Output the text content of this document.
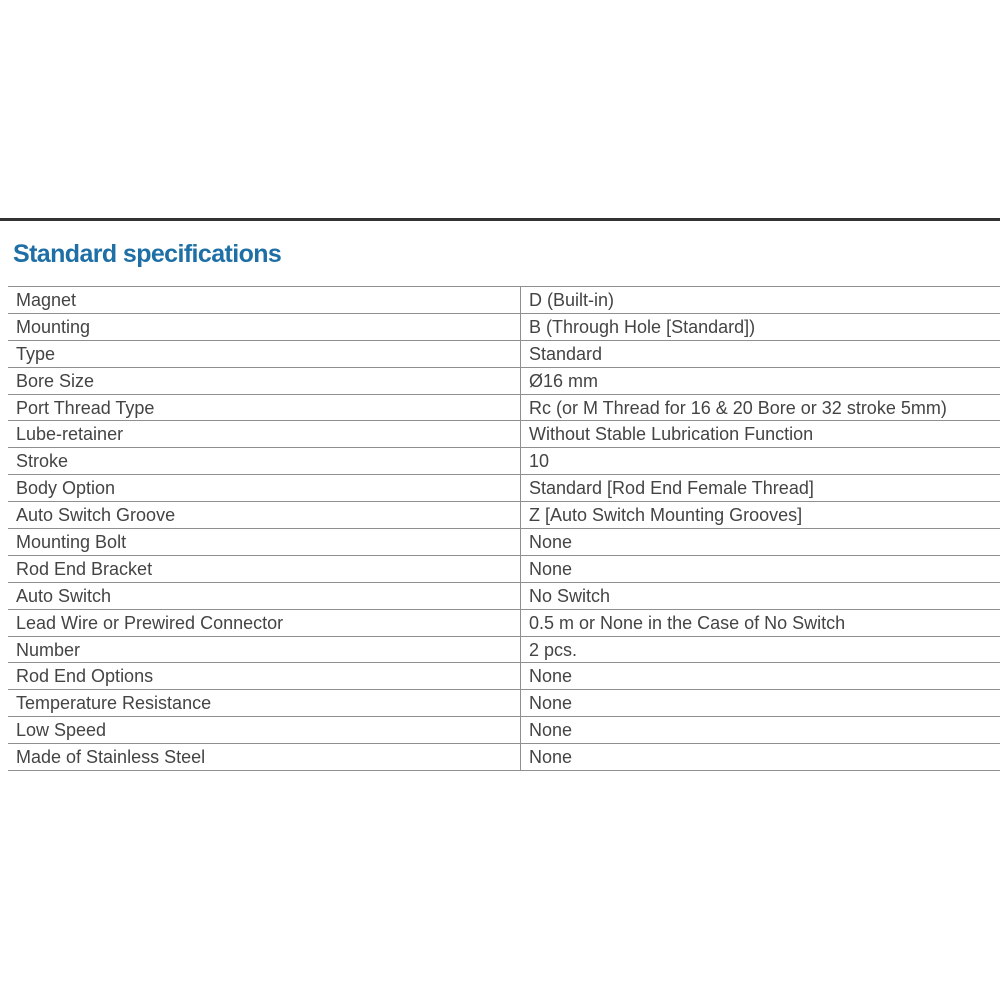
Standard specifications
Magnet	D (Built-in)
Mounting	B (Through Hole [Standard])
Type	Standard
Bore Size	Ø16 mm
Port Thread Type	Rc (or M Thread for 16 & 20 Bore or 32 stroke 5mm)
Lube-retainer	Without Stable Lubrication Function
Stroke	10
Body Option	Standard [Rod End Female Thread]
Auto Switch Groove	Z [Auto Switch Mounting Grooves]
Mounting Bolt	None
Rod End Bracket	None
Auto Switch	No Switch
Lead Wire or Prewired Connector	0.5 m or None in the Case of No Switch
Number	2 pcs.
Rod End Options	None
Temperature Resistance	None
Low Speed	None
Made of Stainless Steel	None
